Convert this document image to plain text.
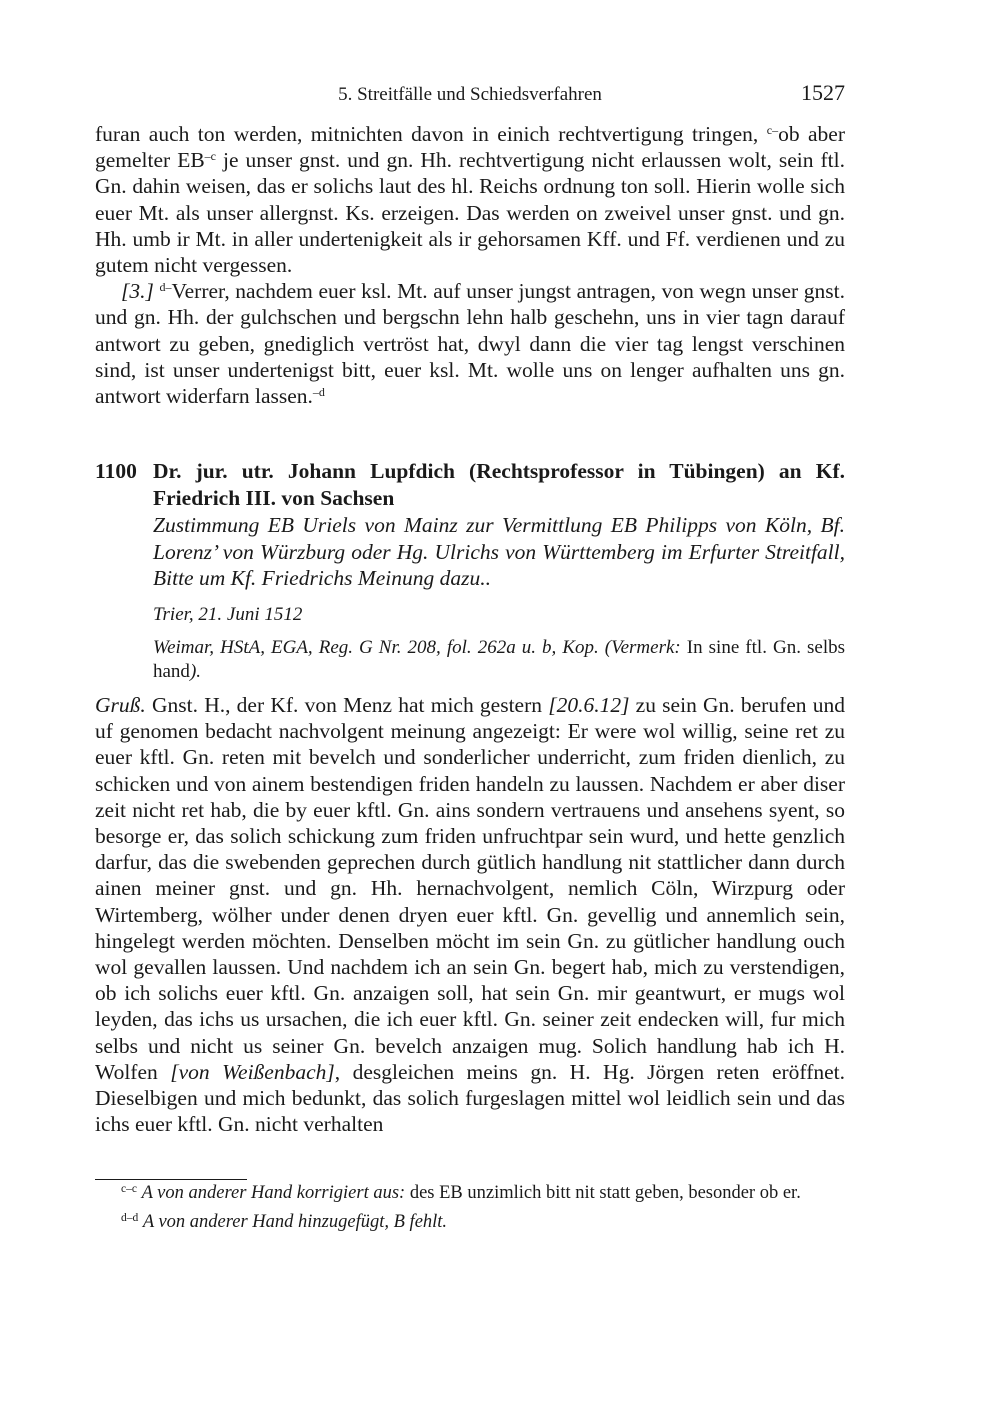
5. Streitfälle und Schiedsverfahren	1527

furan auch ton werden, mitnichten davon in einich rechtvertigung tringen, $^{c-}$ob aber gemelter $EB^{-c}$ je unser gnst. und gn. Hh. rechtvertigung nicht erlaussen wolt, sein ftl. Gn. dahin weisen, das er solichs laut des hl. Reichs ordnung ton soll. Hierin wolle sich euer Mt. als unser allergnst. Ks. erzeigen. Das werden on zweivel unser gnst. und gn. Hh. umb ir Mt. in aller undertenigkeit als ir gehorsamen Kff. und Ff. verdienen und zu gutem nicht vergessen.

[3.] $^{d-}$Verrer, nachdem euer ksl. Mt. auf unser jungst antragen, von wegn unser gnst. und gn. Hh. der gulchschen und bergschn lehn halb geschehn, uns in vier tagn darauf antwort zu geben, gnediglich vertröst hat, dwyl dann die vier tag lengst verschinen sind, ist unser undertenigst bitt, euer ksl. Mt. wolle uns on lenger aufhalten uns gn. antwort widerfarn lassen.$^{-d}$

1100 Dr. jur. utr. Johann Lupfdich (Rechtsprofessor in Tübingen) an Kf. Friedrich III. von Sachsen
Zustimmung EB Uriels von Mainz zur Vermittlung EB Philipps von Köln, Bf. Lorenz’ von Würzburg oder Hg. Ulrichs von Württemberg im Erfurter Streitfall, Bitte um Kf. Friedrichs Meinung dazu..
Trier, 21. Juni 1512
Weimar, HStA, EGA, Reg. G Nr. 208, fol. 262a u. b, Kop. (Vermerk: In sine ftl. Gn. selbs hand).

Gruß. Gnst. H., der Kf. von Menz hat mich gestern [20.6.12] zu sein Gn. berufen und uf genomen bedacht nachvolgent meinung angezeigt: Er were wol willig, seine ret zu euer kftl. Gn. reten mit bevelch und sonderlicher underricht, zum friden dienlich, zu schicken und von ainem bestendigen friden handeln zu laussen. Nachdem er aber diser zeit nicht ret hab, die by euer kftl. Gn. ains sondern vertrauens und ansehens syent, so besorge er, das solich schickung zum friden unfruchtpar sein wurd, und hette genzlich darfur, das die swebenden geprechen durch gütlich handlung nit stattlicher dann durch ainen meiner gnst. und gn. Hh. hernachvolgent, nemlich Cöln, Wirzpurg oder Wirtemberg, wölher under denen dryen euer kftl. Gn. gevellig und annemlich sein, hingelegt werden möchten. Denselben möcht im sein Gn. zu gütlicher handlung ouch wol gevallen laussen. Und nachdem ich an sein Gn. begert hab, mich zu verstendigen, ob ich solichs euer kftl. Gn. anzaigen soll, hat sein Gn. mir geantwurt, er mugs wol leyden, das ichs us ursachen, die ich euer kftl. Gn. seiner zeit endecken will, fur mich selbs und nicht us seiner Gn. bevelch anzaigen mug. Solich handlung hab ich H. Wolfen [von Weißenbach], desgleichen meins gn. H. Hg. Jörgen reten eröffnet. Dieselbigen und mich bedunkt, das solich furgeslagen mittel wol leidlich sein und das ichs euer kftl. Gn. nicht verhalten

$^{c-c}$ A von anderer Hand korrigiert aus: des EB unzimlich bitt nit statt geben, besonder ob er.

$^{d-d}$ A von anderer Hand hinzugefügt, B fehlt.
